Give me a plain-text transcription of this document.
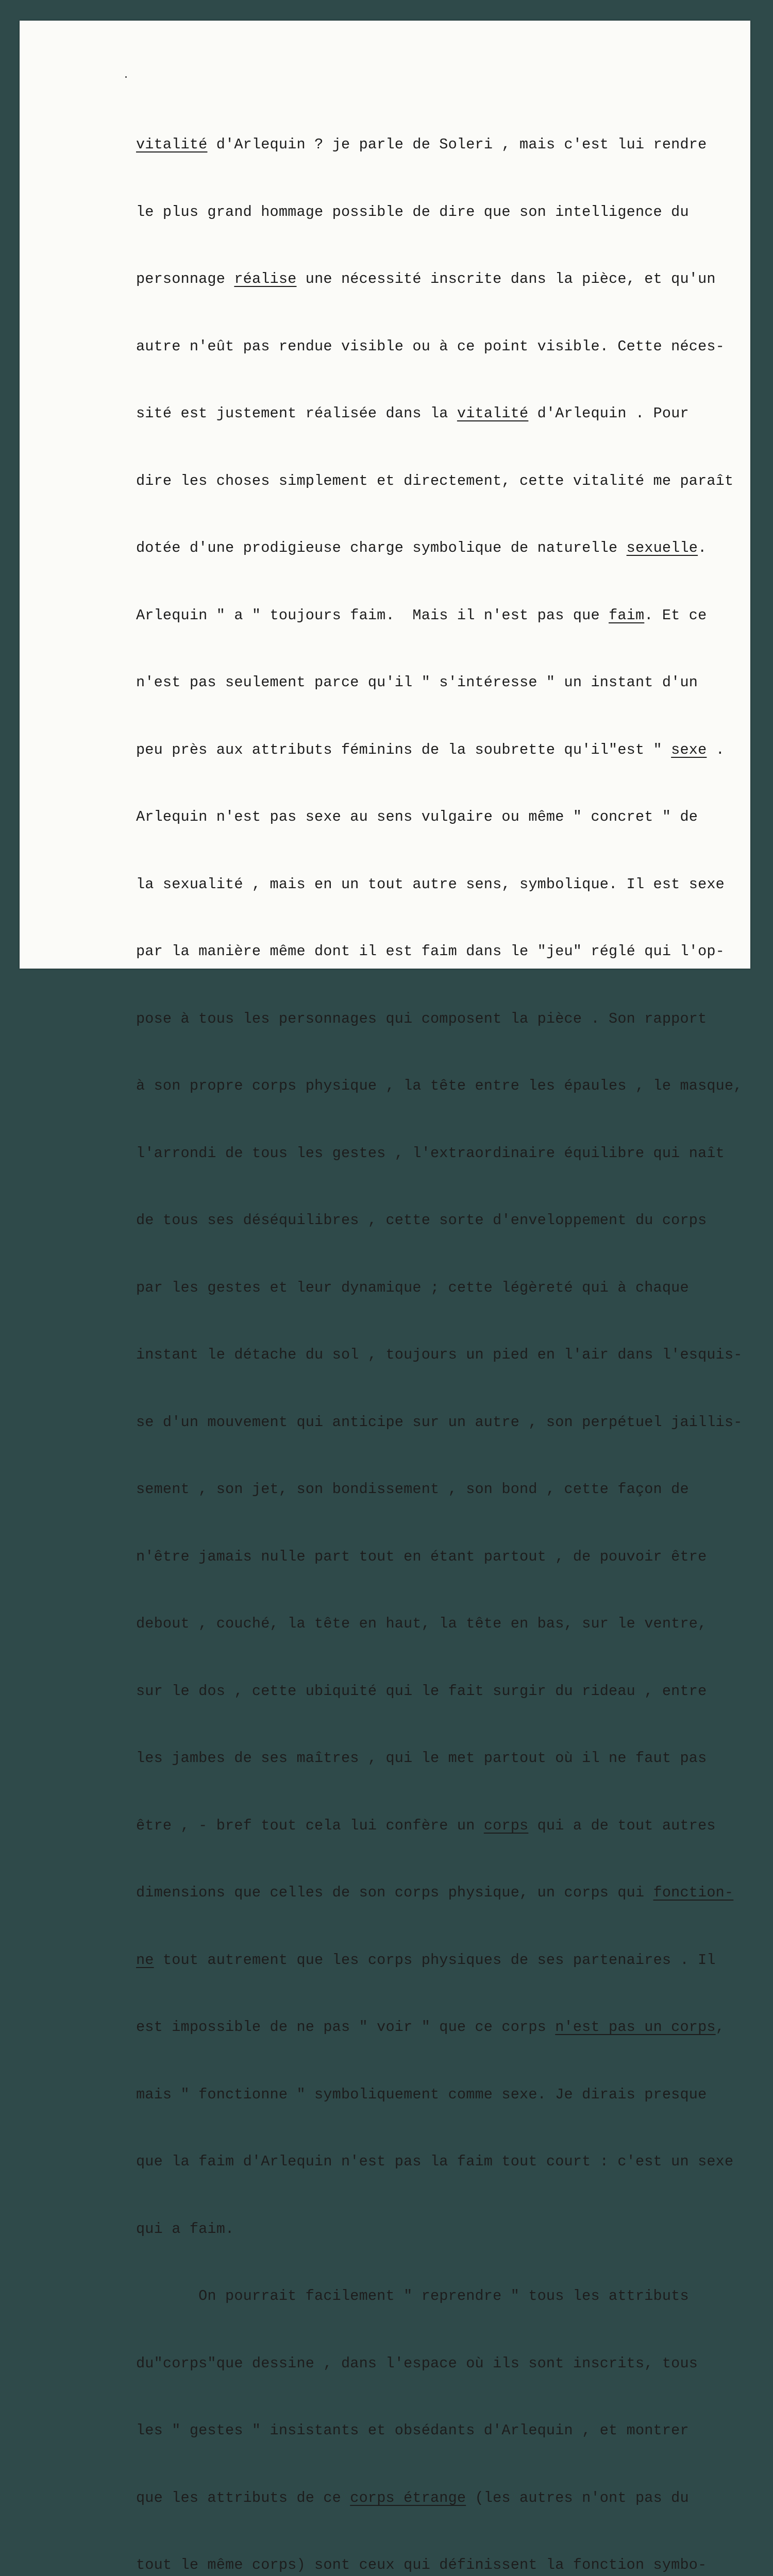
vitalité d'Arlequin ? je parle de Soleri , mais c'est lui rendre

le plus grand hommage possible de dire que son intelligence du

personnage réalise une nécessité inscrite dans la pièce, et qu'un

autre n'eût pas rendue visible ou à ce point visible. Cette néces-

sité est justement réalisée dans la vitalité d'Arlequin . Pour

dire les choses simplement et directement, cette vitalité me paraît

dotée d'une prodigieuse charge symbolique de naturelle sexuelle.

Arlequin " a " toujours faim.  Mais il n'est pas que faim. Et ce

n'est pas seulement parce qu'il " s'intéresse " un instant d'un

peu près aux attributs féminins de la soubrette qu'il"est " sexe .

Arlequin n'est pas sexe au sens vulgaire ou même " concret " de

la sexualité , mais en un tout autre sens, symbolique. Il est sexe

par la manière même dont il est faim dans le "jeu" réglé qui l'op-

pose à tous les personnages qui composent la pièce . Son rapport

à son propre corps physique , la tête entre les épaules , le masque,

l'arrondi de tous les gestes , l'extraordinaire équilibre qui naît

de tous ses déséquilibres , cette sorte d'enveloppement du corps

par les gestes et leur dynamique ; cette légèreté qui à chaque

instant le détache du sol , toujours un pied en l'air dans l'esquis-

se d'un mouvement qui anticipe sur un autre , son perpétuel jaillis-

sement , son jet, son bondissement , son bond , cette façon de

n'être jamais nulle part tout en étant partout , de pouvoir être

debout , couché, la tête en haut, la tête en bas, sur le ventre,

sur le dos , cette ubiquité qui le fait surgir du rideau , entre

les jambes de ses maîtres , qui le met partout où il ne faut pas

être , - bref tout cela lui confère un corps qui a de tout autres

dimensions que celles de son corps physique, un corps qui fonction-

ne tout autrement que les corps physiques de ses partenaires . Il

est impossible de ne pas " voir " que ce corps n'est pas un corps,

mais " fonctionne " symboliquement comme sexe. Je dirais presque

que la faim d'Arlequin n'est pas la faim tout court : c'est un sexe

qui a faim.

On pourrait facilement " reprendre " tous les attributs

du"corps"que dessine , dans l'espace où ils sont inscrits, tous

les " gestes " insistants et obsédants d'Arlequin , et montrer

que les attributs de ce corps étrange (les autres n'ont pas du

tout le même corps) sont ceux qui définissent la fonction symbo-
